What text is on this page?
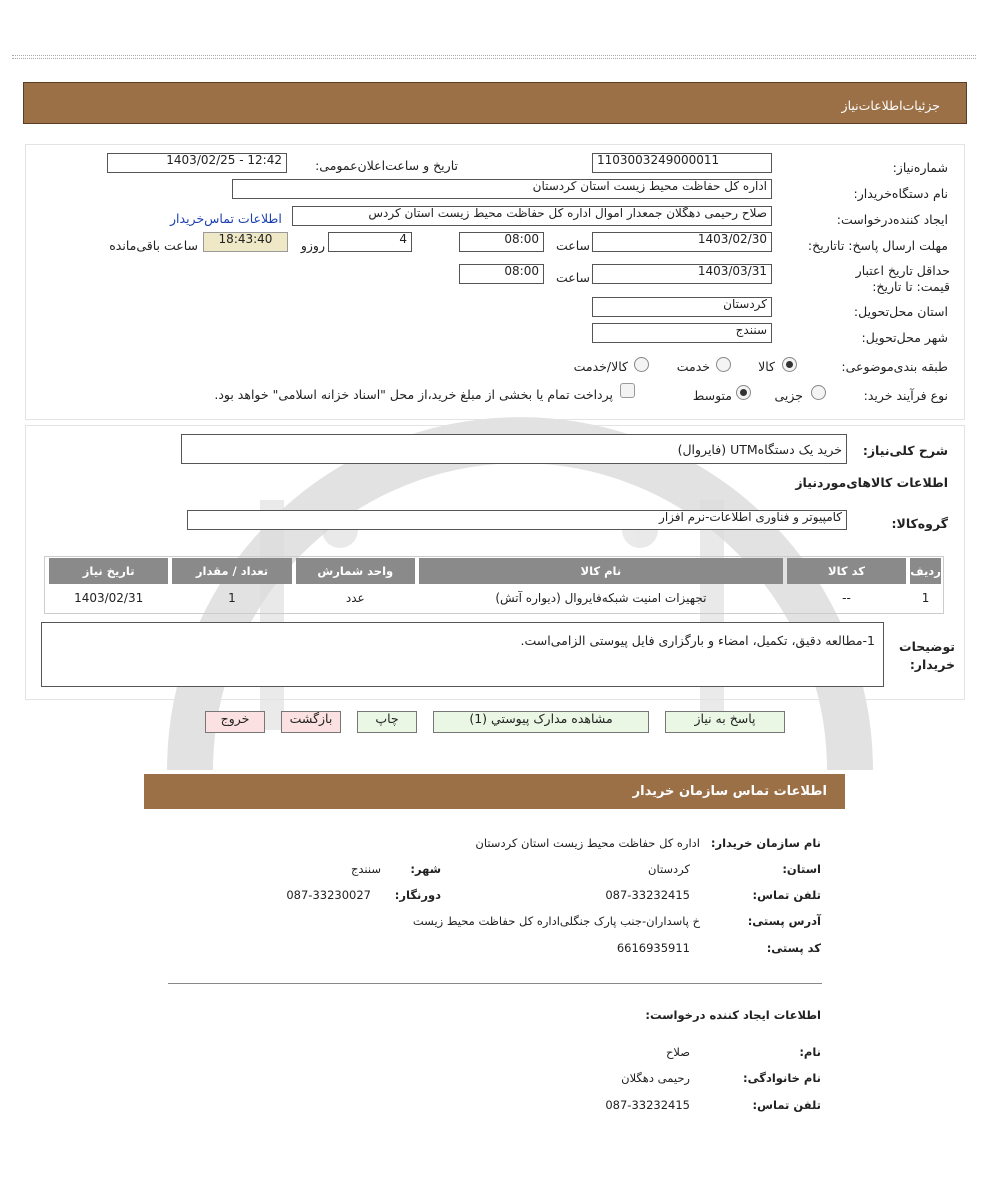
جزئیات‌اطلاعات‌نیاز
شماره‌نیاز:
1103003249000011
تاریخ و ساعت‌اعلان‌عمومی:
1403/02/25 - 12:42
نام دستگاه‌خریدار:
اداره کل حفاظت محیط زیست استان کردستان
ایجاد کننده‌درخواست:
صلاح رحیمی دهگلان جمعدار اموال اداره کل حفاظت محیط زیست استان کردس
اطلاعات تماس‌خریدار
مهلت ارسال پاسخ: تاتاریخ:
1403/02/30
ساعت
08:00
4
روزو
18:43:40
ساعت باقی‌مانده
حداقل تاریخ اعتبار قیمت: تا تاریخ:
1403/03/31
ساعت
08:00
استان محل‌تحویل:
کردستان
شهر محل‌تحویل:
سنندج
طبقه بندی‌موضوعی:
کالا
خدمت
کالا/خدمت
نوع فرآیند خرید:
جزیی
متوسط
پرداخت تمام یا بخشی از مبلغ خرید،از محل "اسناد خزانه اسلامی" خواهد بود.
شرح کلی‌نیاز:
خرید یک دستگاهUTM (فایروال)
اطلاعات کالاهای‌مورد‌نیاز
گروه‌کالا:
کامپیوتر و فناوری اطلاعات-نرم افزار
ردیف	کد کالا	نام کالا	واحد شمارش	تعداد / مقدار	تاریخ نیاز
1	--	تجهیزات امنیت شبکه‌فایروال (دیواره آتش)	عدد	1	1403/02/31
توضیحات خریدار:
1-مطالعه دقیق، تکمیل، امضاء و بارگزاری فایل پیوستی الزامی‌است.
پاسخ به نیاز
مشاهده مدارک پیوستي (1)
چاپ
بازگشت
خروج
اطلاعات تماس سازمان خریدار
نام سازمان خریدار:
اداره کل حفاظت محیط زیست استان کردستان
استان:
کردستان
شهر:
سنندج
تلفن تماس:
087-33232415
دورنگار:
087-33230027
آدرس پستی:
خ پاسداران-جنب پارک جنگلی‌اداره کل حفاظت محیط زیست
کد پستی:
6616935911
اطلاعات ایجاد کننده درخواست:
نام:
صلاح
نام خانوادگی:
رحیمی دهگلان
تلفن تماس:
087-33232415
